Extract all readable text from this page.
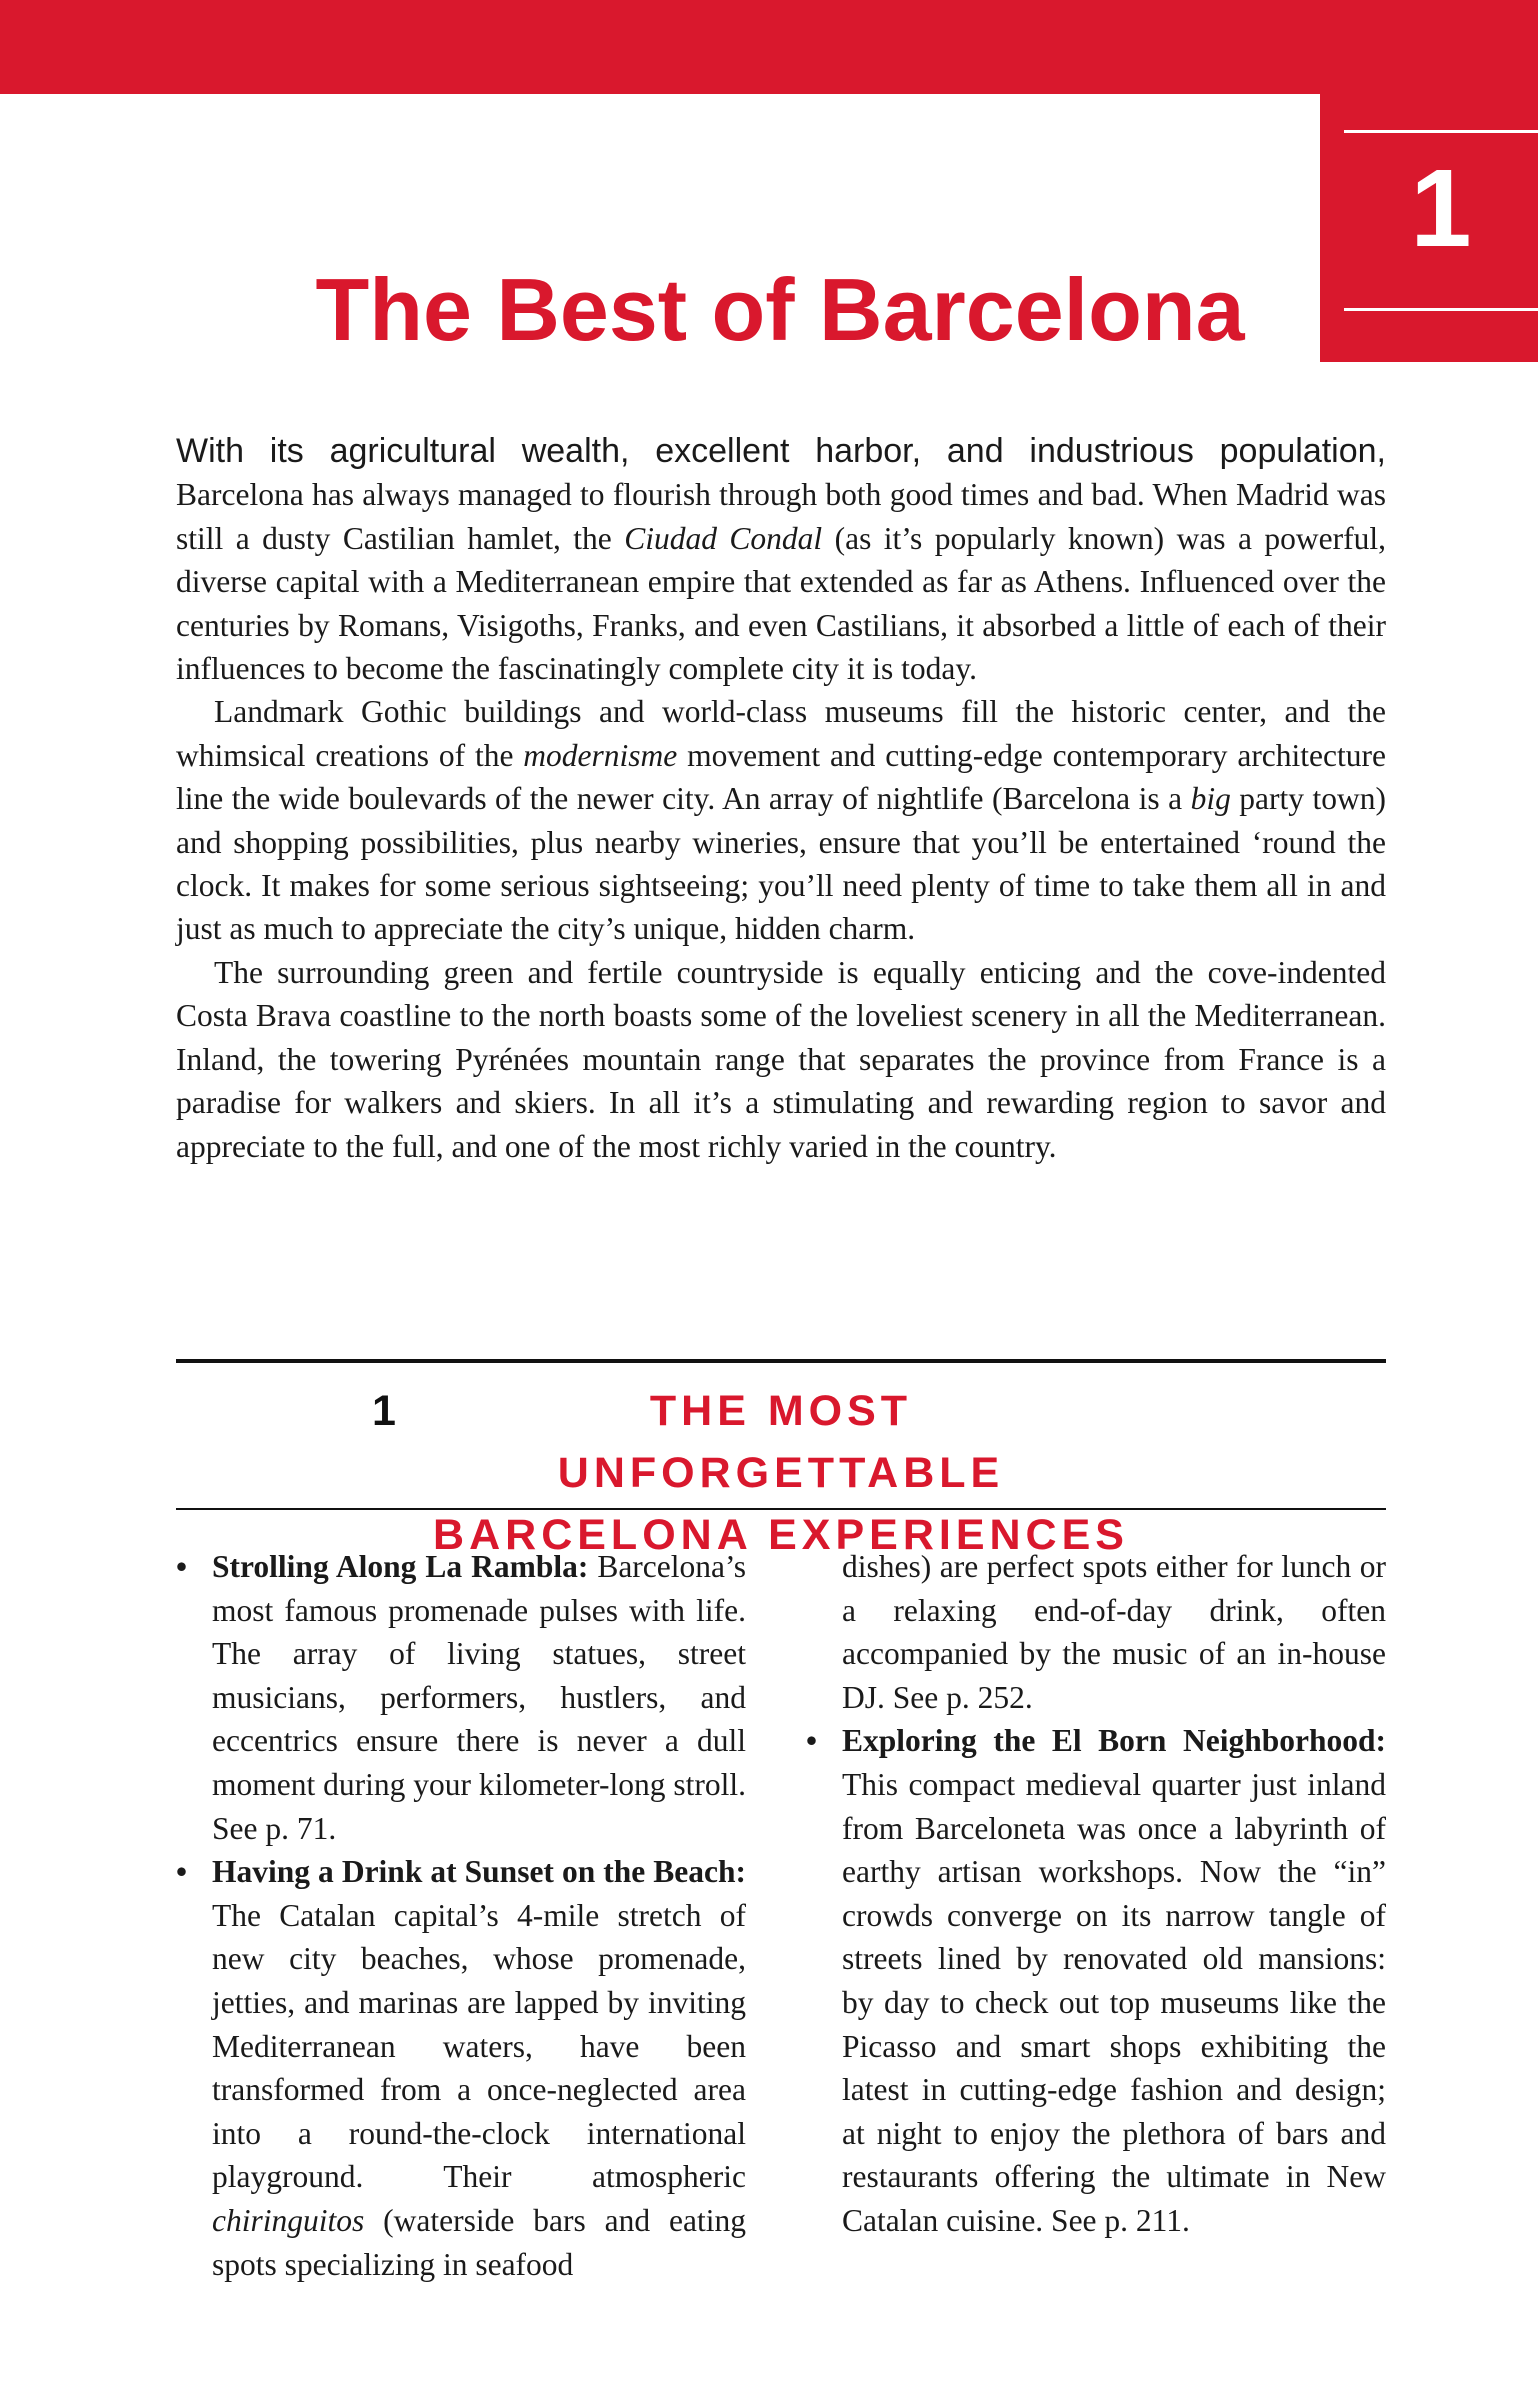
1
The Best of Barcelona

With its agricultural wealth, excellent harbor, and industrious population, Barcelona has always managed to flourish through both good times and bad. When Madrid was still a dusty Castilian hamlet, the Ciudad Condal (as it’s popularly known) was a powerful, diverse capital with a Mediterranean empire that extended as far as Athens. Influenced over the centuries by Romans, Visigoths, Franks, and even Castilians, it absorbed a little of each of their influences to become the fascinatingly complete city it is today.

Landmark Gothic buildings and world-class museums fill the historic center, and the whimsical creations of the modernisme movement and cutting-edge contemporary architecture line the wide boulevards of the newer city. An array of nightlife (Barcelona is a big party town) and shopping possibilities, plus nearby wineries, ensure that you’ll be entertained ‘round the clock. It makes for some serious sightseeing; you’ll need plenty of time to take them all in and just as much to appreciate the city’s unique, hidden charm.

The surrounding green and fertile countryside is equally enticing and the cove-indented Costa Brava coastline to the north boasts some of the loveliest scenery in all the Mediterranean. Inland, the towering Pyrénées mountain range that separates the province from France is a paradise for walkers and skiers. In all it’s a stimulating and rewarding region to savor and appreciate to the full, and one of the most richly varied in the country.

1	THE MOST UNFORGETTABLE
BARCELONA EXPERIENCES
• Strolling Along La Rambla: Barcelona’s most famous promenade pulses with life. The array of living statues, street musicians, performers, hustlers, and eccentrics ensure there is never a dull moment during your kilometer-long stroll. See p. 71.
• Having a Drink at Sunset on the Beach: The Catalan capital’s 4-mile stretch of new city beaches, whose promenade, jetties, and marinas are lapped by inviting Mediterranean waters, have been transformed from a once-neglected area into a round-the-clock international playground. Their atmospheric chiringuitos (waterside bars and eating spots specializing in seafood
dishes) are perfect spots either for lunch or a relaxing end-of-day drink, often accompanied by the music of an in-house DJ. See p. 252.
• Exploring the El Born Neighborhood: This compact medieval quarter just inland from Barceloneta was once a labyrinth of earthy artisan workshops. Now the “in” crowds converge on its narrow tangle of streets lined by renovated old mansions: by day to check out top museums like the Picasso and smart shops exhibiting the latest in cutting-edge fashion and design; at night to enjoy the plethora of bars and restaurants offering the ultimate in New Catalan cuisine. See p. 211.
